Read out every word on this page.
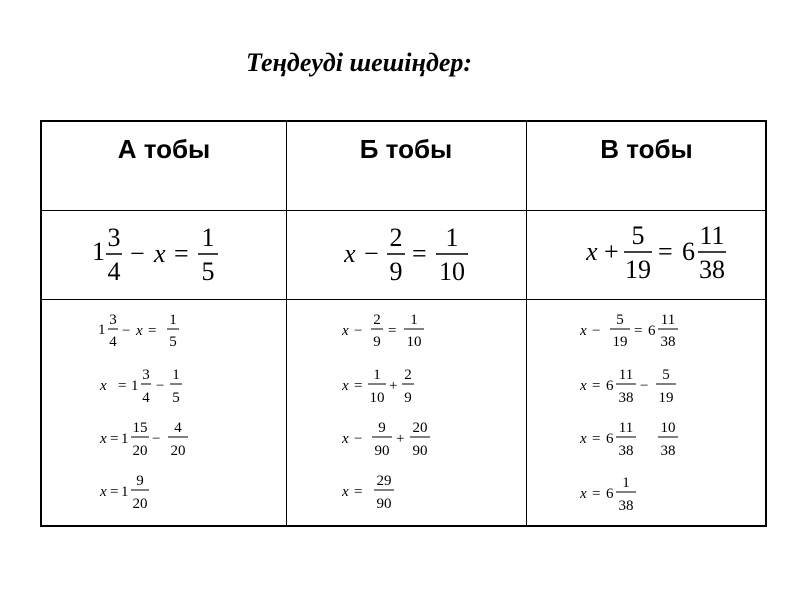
Теңдеуді шешіңдер:
А тобы	Б тобы	В тобы
1 3
4
− x =
1
5
x −
2
9
=
1
10
x +
5
19
= 6
11
38
1
3
4
− x =
1
5
x = 1
3
4
−
1
5
x = 1
15
20
−
4
20
x = 1
9
20
x −
2
9
=
1
10
x =
1
10
+
2
9
x −
9
90
+
20
90
x =
29
90
x −
5
19
= 6
11
38
x = 6
11
38
−
5
19
x = 6
11
38
10
38
x = 6
1
38
